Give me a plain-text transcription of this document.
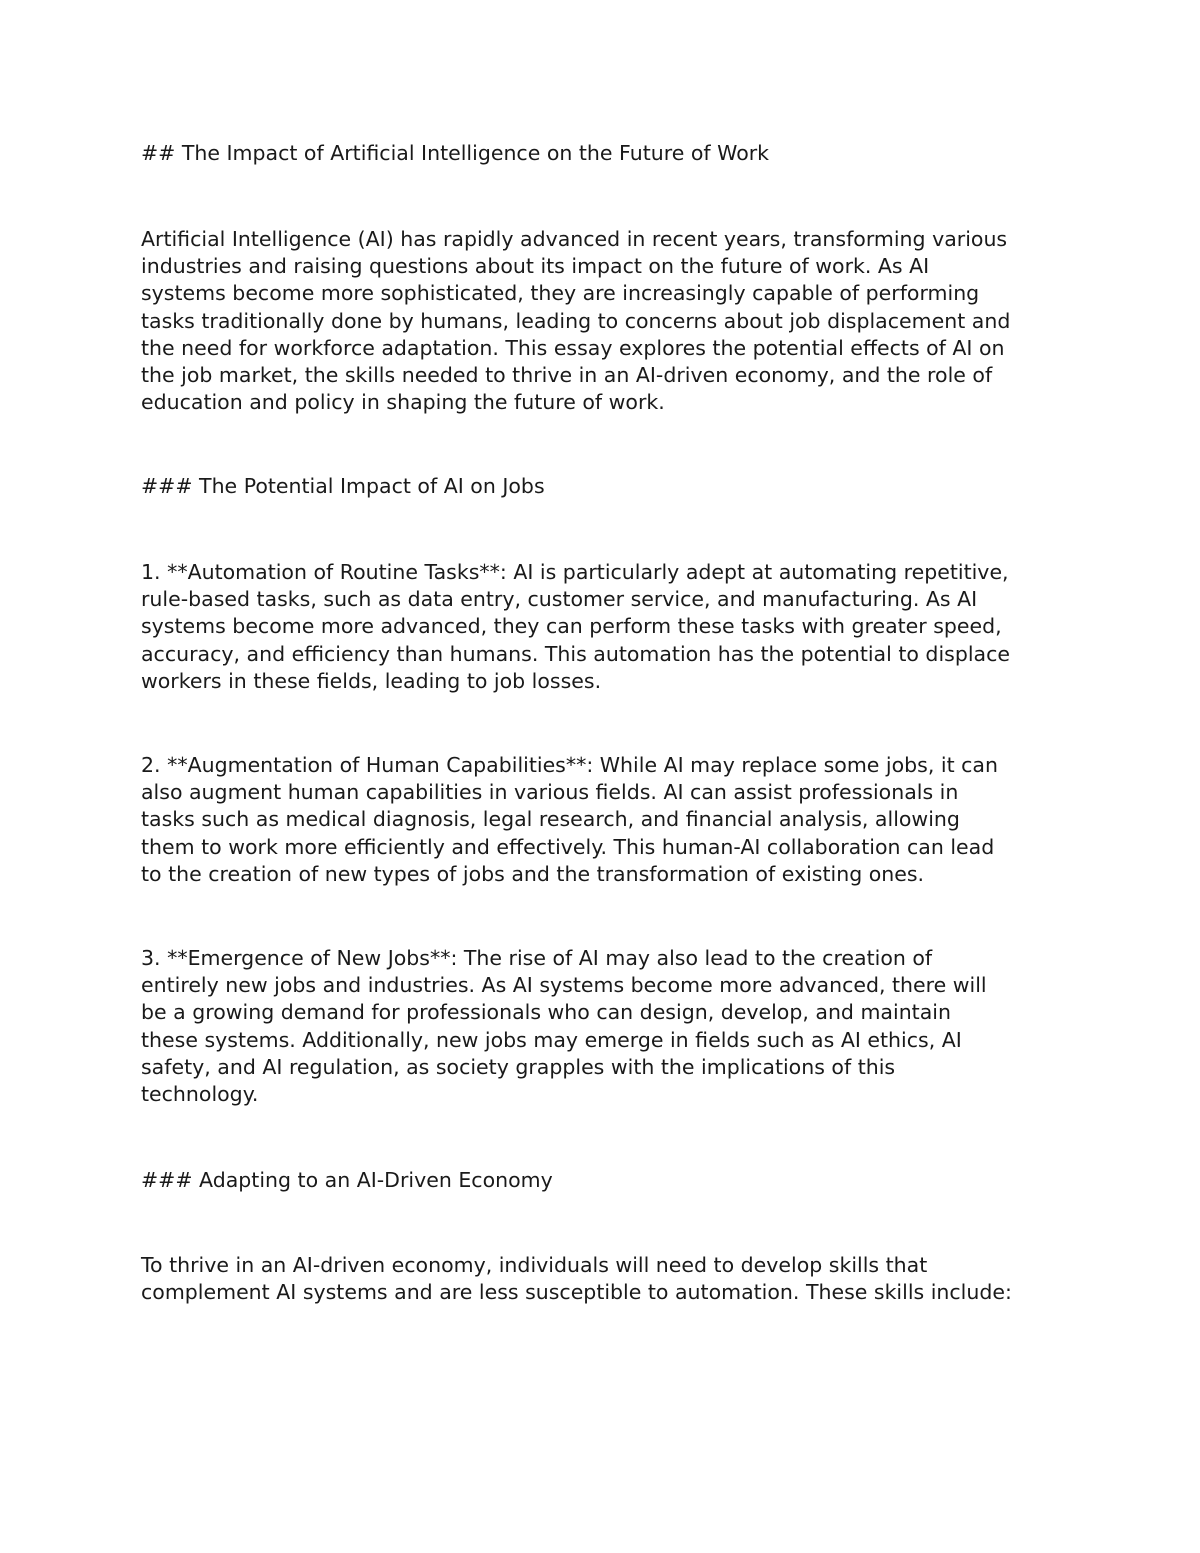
## The Impact of Artificial Intelligence on the Future of Work

Artificial Intelligence (AI) has rapidly advanced in recent years, transforming various
industries and raising questions about its impact on the future of work. As AI
systems become more sophisticated, they are increasingly capable of performing
tasks traditionally done by humans, leading to concerns about job displacement and
the need for workforce adaptation. This essay explores the potential effects of AI on
the job market, the skills needed to thrive in an AI-driven economy, and the role of
education and policy in shaping the future of work.

### The Potential Impact of AI on Jobs

1. **Automation of Routine Tasks**: AI is particularly adept at automating repetitive,
rule-based tasks, such as data entry, customer service, and manufacturing. As AI
systems become more advanced, they can perform these tasks with greater speed,
accuracy, and efficiency than humans. This automation has the potential to displace
workers in these fields, leading to job losses.

2. **Augmentation of Human Capabilities**: While AI may replace some jobs, it can
also augment human capabilities in various fields. AI can assist professionals in
tasks such as medical diagnosis, legal research, and financial analysis, allowing
them to work more efficiently and effectively. This human-AI collaboration can lead
to the creation of new types of jobs and the transformation of existing ones.

3. **Emergence of New Jobs**: The rise of AI may also lead to the creation of
entirely new jobs and industries. As AI systems become more advanced, there will
be a growing demand for professionals who can design, develop, and maintain
these systems. Additionally, new jobs may emerge in fields such as AI ethics, AI
safety, and AI regulation, as society grapples with the implications of this
technology.

### Adapting to an AI-Driven Economy

To thrive in an AI-driven economy, individuals will need to develop skills that
complement AI systems and are less susceptible to automation. These skills include:
